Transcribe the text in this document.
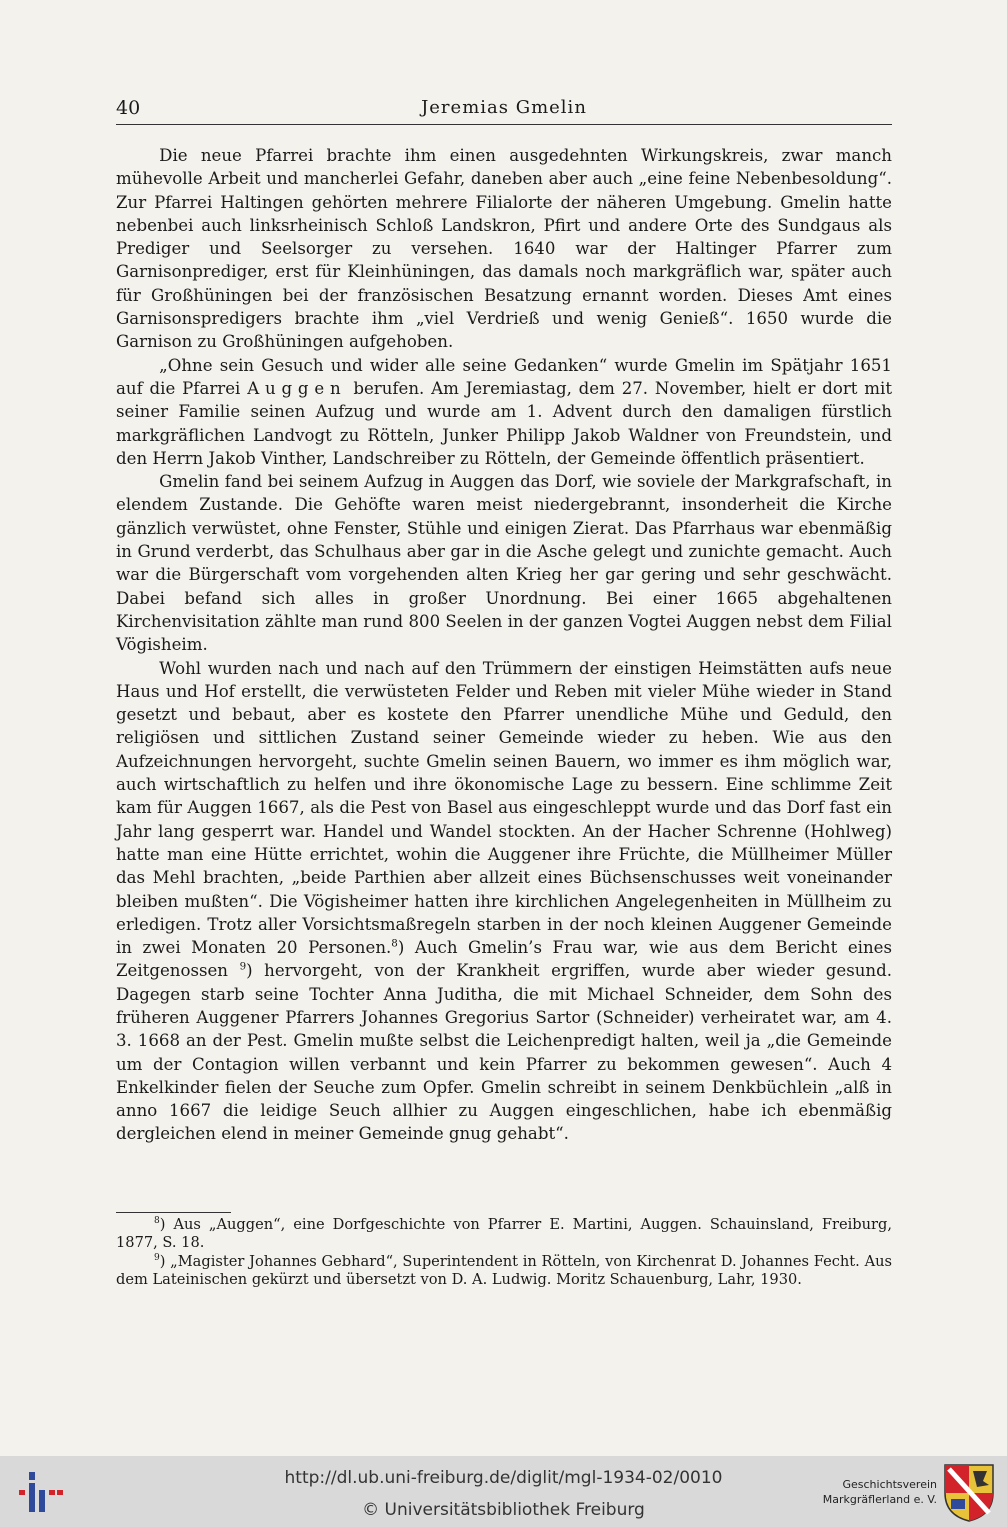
40	Jeremias Gmelin

Die neue Pfarrei brachte ihm einen ausgedehnten Wirkungskreis, zwar manch mühevolle Arbeit und mancherlei Gefahr, daneben aber auch „eine feine Nebenbesoldung“. Zur Pfarrei Haltingen gehörten mehrere Filialorte der näheren Umgebung. Gmelin hatte nebenbei auch linksrheinisch Schloß Landskron, Pfirt und andere Orte des Sundgaus als Prediger und Seelsorger zu versehen. 1640 war der Haltinger Pfarrer zum Garnisonprediger, erst für Kleinhüningen, das damals noch markgräflich war, später auch für Großhüningen bei der französischen Besatzung ernannt worden. Dieses Amt eines Garnisonspredigers brachte ihm „viel Verdrieß und wenig Genieß“. 1650 wurde die Garnison zu Großhüningen aufgehoben.

„Ohne sein Gesuch und wider alle seine Gedanken“ wurde Gmelin im Spätjahr 1651 auf die Pfarrei Auggen berufen. Am Jeremiastag, dem 27. November, hielt er dort mit seiner Familie seinen Aufzug und wurde am 1. Advent durch den damaligen fürstlich markgräflichen Landvogt zu Rötteln, Junker Philipp Jakob Waldner von Freundstein, und den Herrn Jakob Vinther, Landschreiber zu Rötteln, der Gemeinde öffentlich präsentiert.

Gmelin fand bei seinem Aufzug in Auggen das Dorf, wie soviele der Markgrafschaft, in elendem Zustande. Die Gehöfte waren meist niedergebrannt, insonderheit die Kirche gänzlich verwüstet, ohne Fenster, Stühle und einigen Zierat. Das Pfarrhaus war ebenmäßig in Grund verderbt, das Schulhaus aber gar in die Asche gelegt und zunichte gemacht. Auch war die Bürgerschaft vom vorgehenden alten Krieg her gar gering und sehr geschwächt. Dabei befand sich alles in großer Unordnung. Bei einer 1665 abgehaltenen Kirchenvisitation zählte man rund 800 Seelen in der ganzen Vogtei Auggen nebst dem Filial Vögisheim.

Wohl wurden nach und nach auf den Trümmern der einstigen Heimstätten aufs neue Haus und Hof erstellt, die verwüsteten Felder und Reben mit vieler Mühe wieder in Stand gesetzt und bebaut, aber es kostete den Pfarrer unendliche Mühe und Geduld, den religiösen und sittlichen Zustand seiner Gemeinde wieder zu heben. Wie aus den Aufzeichnungen hervorgeht, suchte Gmelin seinen Bauern, wo immer es ihm möglich war, auch wirtschaftlich zu helfen und ihre ökonomische Lage zu bessern. Eine schlimme Zeit kam für Auggen 1667, als die Pest von Basel aus eingeschleppt wurde und das Dorf fast ein Jahr lang gesperrt war. Handel und Wandel stockten. An der Hacher Schrenne (Hohlweg) hatte man eine Hütte errichtet, wohin die Auggener ihre Früchte, die Müllheimer Müller das Mehl brachten, „beide Parthien aber allzeit eines Büchsenschusses weit voneinander bleiben mußten“. Die Vögisheimer hatten ihre kirchlichen Angelegenheiten in Müllheim zu erledigen. Trotz aller Vorsichtsmaßregeln starben in der noch kleinen Auggener Gemeinde in zwei Monaten 20 Personen.$^8$) Auch Gmelin’s Frau war, wie aus dem Bericht eines Zeitgenossen $^9$) hervorgeht, von der Krankheit ergriffen, wurde aber wieder gesund. Dagegen starb seine Tochter Anna Juditha, die mit Michael Schneider, dem Sohn des früheren Auggener Pfarrers Johannes Gregorius Sartor (Schneider) verheiratet war, am 4. 3. 1668 an der Pest. Gmelin mußte selbst die Leichenpredigt halten, weil ja „die Gemeinde um der Contagion willen verbannt und kein Pfarrer zu bekommen gewesen“. Auch 4 Enkelkinder fielen der Seuche zum Opfer. Gmelin schreibt in seinem Denkbüchlein „alß in anno 1667 die leidige Seuch allhier zu Auggen eingeschlichen, habe ich ebenmäßig dergleichen elend in meiner Gemeinde gnug gehabt“.

$^8$) Aus „Auggen“, eine Dorfgeschichte von Pfarrer E. Martini, Auggen. Schauinsland, Freiburg, 1877, S. 18.

$^9$) „Magister Johannes Gebhard“, Superintendent in Rötteln, von Kirchenrat D. Johannes Fecht. Aus dem Lateinischen gekürzt und übersetzt von D. A. Ludwig. Moritz Schauenburg, Lahr, 1930.

http://dl.ub.uni-freiburg.de/diglit/mgl-1934-02/0010
© Universitätsbibliothek Freiburg
Geschichtsverein
Markgräflerland e. V.
